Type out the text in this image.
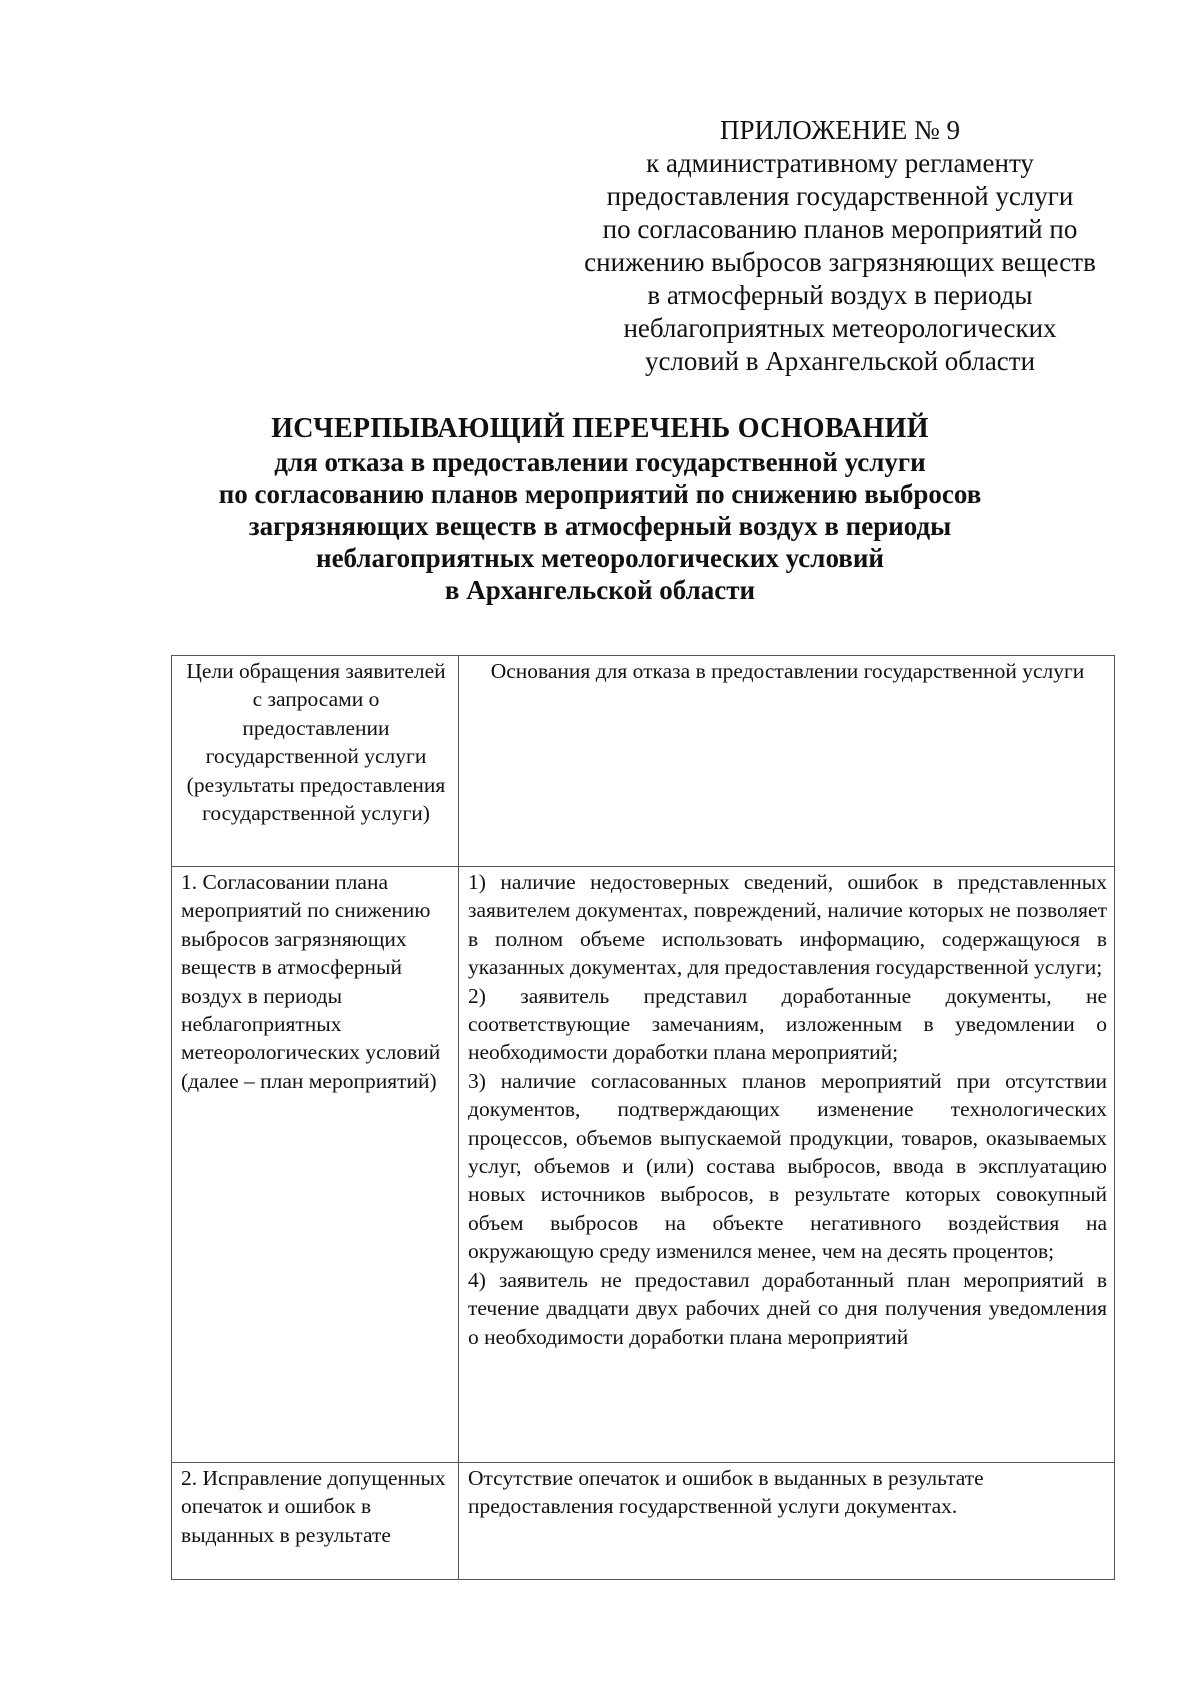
ПРИЛОЖЕНИЕ № 9
к административному регламенту
предоставления государственной услуги
по согласованию планов мероприятий по
снижению выбросов загрязняющих веществ
в атмосферный воздух в периоды
неблагоприятных метеорологических
условий в Архангельской области
ИСЧЕРПЫВАЮЩИЙ ПЕРЕЧЕНЬ ОСНОВАНИЙ
для отказа в предоставлении государственной услуги
по согласованию планов мероприятий по снижению выбросов
загрязняющих веществ в атмосферный воздух в периоды
неблагоприятных метеорологических условий
в Архангельской области
Цели обращения заявителей с запросами о предоставлении государственной услуги (результаты предоставления государственной услуги)	Основания для отказа в предоставлении государственной услуги
1. Согласовании плана мероприятий по снижению выбросов загрязняющих веществ в атмосферный воздух в периоды неблагоприятных метеорологических условий (далее – план мероприятий)	1) наличие недостоверных сведений, ошибок в представленных заявителем документах, повреждений, наличие которых не позволяет в полном объеме использовать информацию, содержащуюся в указанных документах, для предоставления государственной услуги;
2) заявитель представил доработанные документы, не соответствующие замечаниям, изложенным в уведомлении о необходимости доработки плана мероприятий;
3) наличие согласованных планов мероприятий при отсутствии документов, подтверждающих изменение технологических процессов, объемов выпускаемой продукции, товаров, оказываемых услуг, объемов и (или) состава выбросов, ввода в эксплуатацию новых источников выбросов, в результате которых совокупный объем выбросов на объекте негативного воздействия на окружающую среду изменился менее, чем на десять процентов;
4) заявитель не предоставил доработанный план мероприятий в течение двадцати двух рабочих дней со дня получения уведомления о необходимости доработки плана мероприятий

2. Исправление допущенных опечаток и ошибок в выданных в результате	Отсутствие опечаток и ошибок в выданных в результате предоставления государственной услуги документах.
